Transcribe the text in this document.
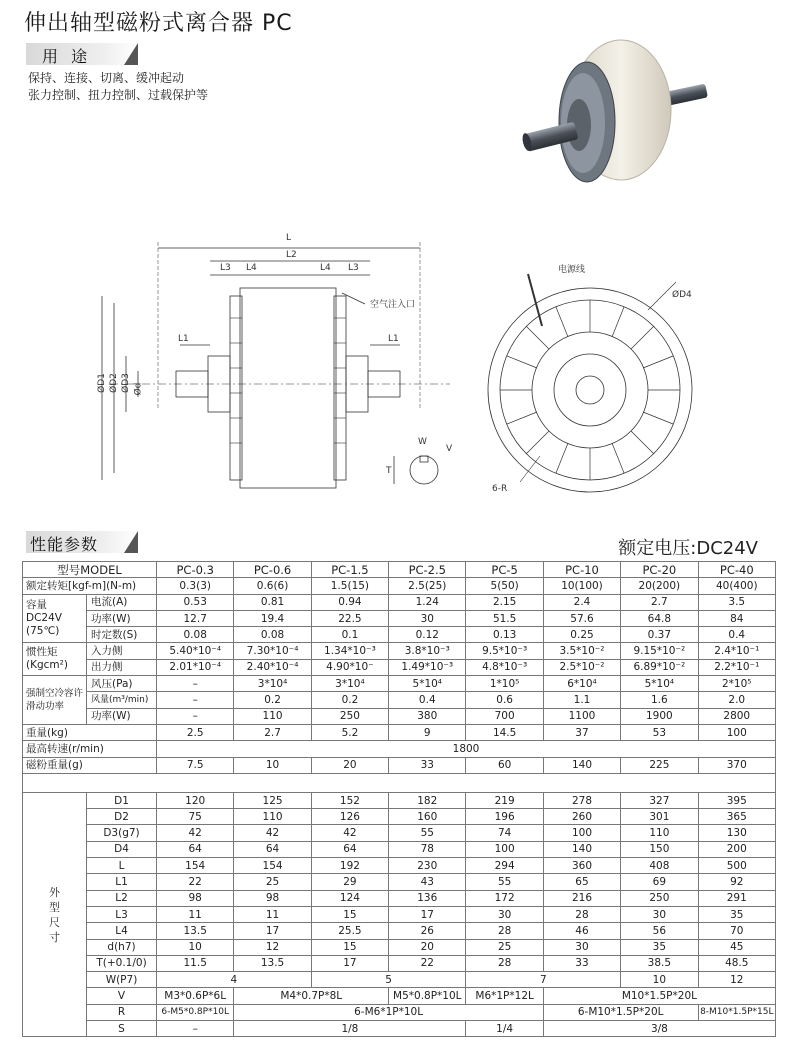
伸出轴型磁粉式离合器 PC
用 途
保持、连接、切离、缓冲起动
张力控制、扭力控制、过载保护等
L
L2
L3 L4	L4 L3
L1	L1
空气注入口
ØD1 ØD2 ØD3 Ød
W
V
T
电源线
ØD4
6-R
性能参数	额定电压:DC24V
型号MODEL		PC-0.3	PC-0.6	PC-1.5	PC-2.5	PC-5	PC-10	PC-20	PC-40
额定转矩[kgf-m](N-m)		0.3(3)	0.6(6)	1.5(15)	2.5(25)	5(50)	10(100)	20(200)	40(400)
容量 DC24V (75℃)	电流(A)	0.53	0.81	0.94	1.24	2.15	2.4	2.7	3.5
	功率(W)	12.7	19.4	22.5	30	51.5	57.6	64.8	84
	时定数(S)	0.08	0.08	0.1	0.12	0.13	0.25	0.37	0.4
惯性矩 (Kgcm²)	入力侧	5.40*10⁻⁴	7.30*10⁻⁴	1.34*10⁻³	3.8*10⁻³	9.5*10⁻³	3.5*10⁻²	9.15*10⁻²	2.4*10⁻¹
	出力侧	2.01*10⁻⁴	2.40*10⁻⁴	4.90*10⁻	1.49*10⁻³	4.8*10⁻³	2.5*10⁻²	6.89*10⁻²	2.2*10⁻¹
强制空冷容许滑动功率	风压(Pa)	–	3*10⁴	3*10⁴	5*10⁴	1*10⁵	6*10⁴	5*10⁴	2*10⁵
	风量(m³/min)	–	0.2	0.2	0.4	0.6	1.1	1.6	2.0
	功率(W)	–	110	250	380	700	1100	1900	2800
重量(kg)		2.5	2.7	5.2	9	14.5	37	53	100
最高转速(r/min)		1800							
磁粉重量(g)		7.5	10	20	33	60	140	225	370

外 型 尺 寸	D1	120	125	152	182	219	278	327	395
	D2	75	110	126	160	196	260	301	365
	D3(g7)	42	42	42	55	74	100	110	130
	D4	64	64	64	78	100	140	150	200
	L	154	154	192	230	294	360	408	500
	L1	22	25	29	43	55	65	69	92
	L2	98	98	124	136	172	216	250	291
	L3	11	11	15	17	30	28	30	35
	L4	13.5	17	25.5	26	28	46	56	70
	d(h7)	10	12	15	20	25	30	35	45
	T(+0.1/0)	11.5	13.5	17	22	28	33	38.5	48.5
	W(P7)	4		5		7		10	12
	V	M3*0.6P*6L	M4*0.7P*8L		M5*0.8P*10L	M6*1P*12L	M10*1.5P*20L		
	R	6-M5*0.8P*10L	6-M6*1P*10L				6-M10*1.5P*20L		8-M10*1.5P*15L
	S	–	1/8			1/4	3/8		
